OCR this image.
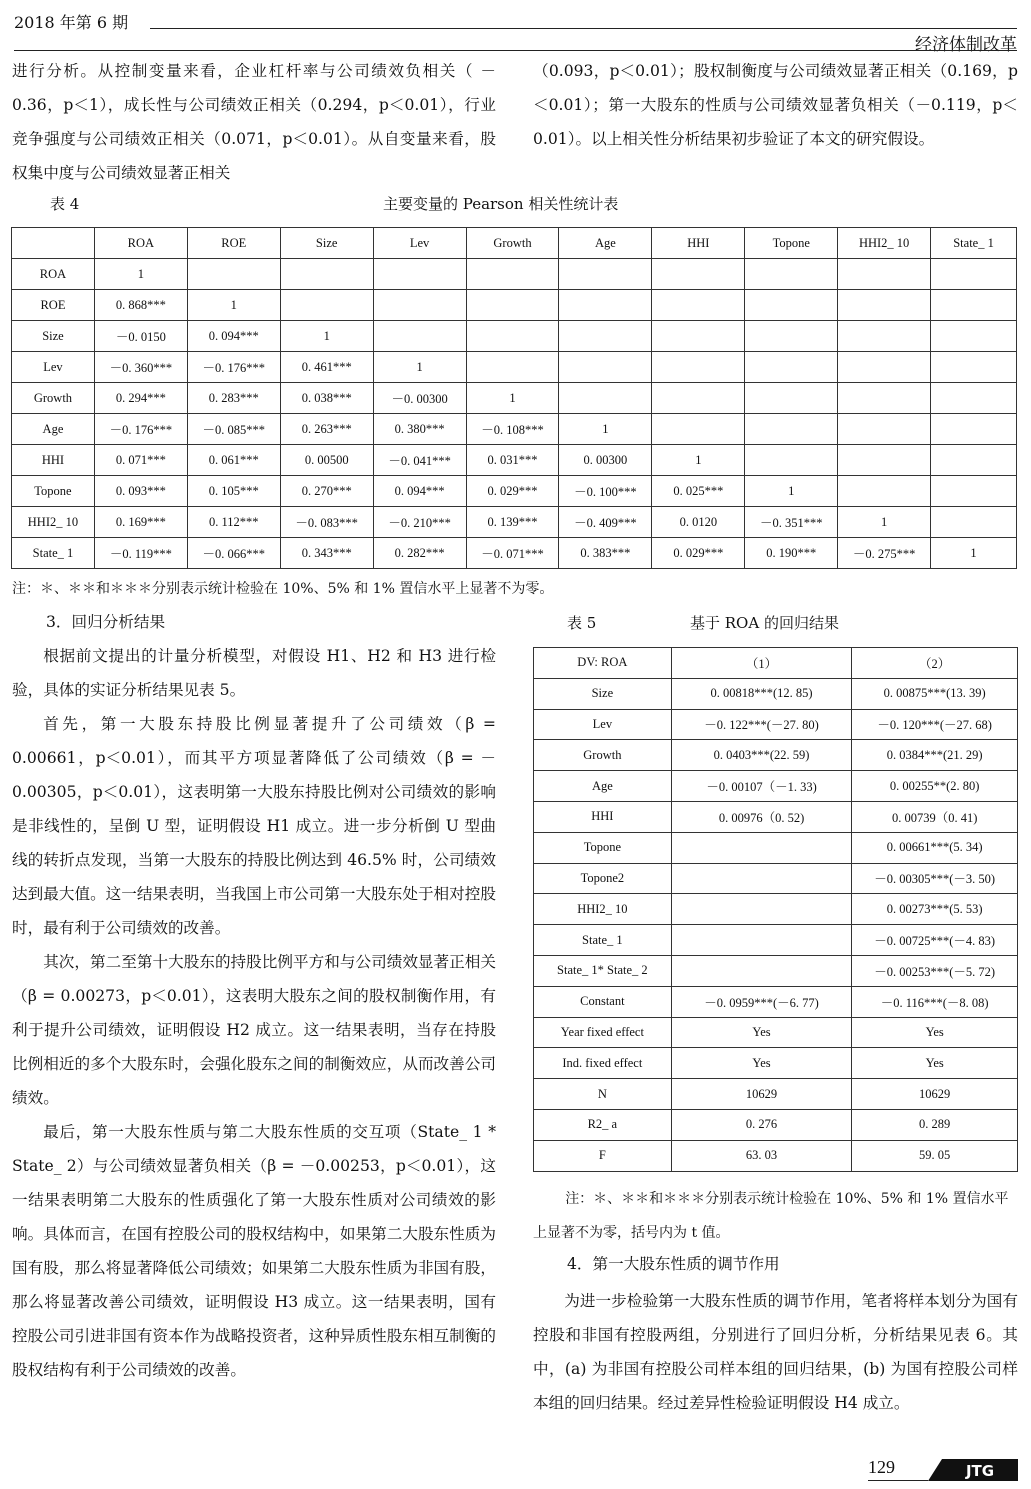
2018 年第 6 期
经济体制改革
进行分析。从控制变量来看，企业杠杆率与公司绩效负相关（ －0.36，p＜1），成长性与公司绩效正相关（0.294，p＜0.01），行业竞争强度与公司绩效正相关（0.071，p＜0.01）。从自变量来看，股权集中度与公司绩效显著正相关
（0.093，p＜0.01）；股权制衡度与公司绩效显著正相关（0.169，p＜0.01）；第一大股东的性质与公司绩效显著负相关（－0.119，p＜0.01）。以上相关性分析结果初步验证了本文的研究假设。
表 4	主要变量的 Pearson 相关性统计表
	ROA	ROE	Size	Lev	Growth	Age	HHI	Topone	HHI2_ 10	State_ 1
ROA	1									
ROE	0. 868***	1								
Size	－0. 0150	0. 094***	1							
Lev	－0. 360***	－0. 176***	0. 461***	1						
Growth	0. 294***	0. 283***	0. 038***	－0. 00300	1					
Age	－0. 176***	－0. 085***	0. 263***	0. 380***	－0. 108***	1				
HHI	0. 071***	0. 061***	0. 00500	－0. 041***	0. 031***	0. 00300	1			
Topone	0. 093***	0. 105***	0. 270***	0. 094***	0. 029***	－0. 100***	0. 025***	1		
HHI2_ 10	0. 169***	0. 112***	－0. 083***	－0. 210***	0. 139***	－0. 409***	0. 0120	－0. 351***	1	
State_ 1	－0. 119***	－0. 066***	0. 343***	0. 282***	－0. 071***	0. 383***	0. 029***	0. 190***	－0. 275***	1
注：＊、＊＊和＊＊＊分别表示统计检验在 10%、5% 和 1% 置信水平上显著不为零。
3．回归分析结果

根据前文提出的计量分析模型，对假设 H1、H2 和 H3 进行检验，具体的实证分析结果见表 5。

首先，第一大股东持股比例显著提升了公司绩效（β = 0.00661，p＜0.01），而其平方项显著降低了公司绩效（β = －0.00305，p＜0.01），这表明第一大股东持股比例对公司绩效的影响是非线性的，呈倒 U 型，证明假设 H1 成立。进一步分析倒 U 型曲线的转折点发现，当第一大股东的持股比例达到 46.5% 时，公司绩效达到最大值。这一结果表明，当我国上市公司第一大股东处于相对控股时，最有利于公司绩效的改善。

其次，第二至第十大股东的持股比例平方和与公司绩效显著正相关（β = 0.00273，p＜0.01），这表明大股东之间的股权制衡作用，有利于提升公司绩效，证明假设 H2 成立。这一结果表明，当存在持股比例相近的多个大股东时，会强化股东之间的制衡效应，从而改善公司绩效。

最后，第一大股东性质与第二大股东性质的交互项（State_ 1 * State_ 2）与公司绩效显著负相关（β = －0.00253，p＜0.01），这一结果表明第二大股东的性质强化了第一大股东性质对公司绩效的影响。具体而言，在国有控股公司的股权结构中，如果第二大股东性质为国有股，那么将显著降低公司绩效；如果第二大股东性质为非国有股，那么将显著改善公司绩效，证明假设 H3 成立。这一结果表明，国有控股公司引进非国有资本作为战略投资者，这种异质性股东相互制衡的股权结构有利于公司绩效的改善。

表 5	基于 ROA 的回归结果
DV: ROA	（1）	（2）
Size	0. 00818***(12. 85)	0. 00875***(13. 39)
Lev	－0. 122***(－27. 80)	－0. 120***(－27. 68)
Growth	0. 0403***(22. 59)	0. 0384***(21. 29)
Age	－0. 00107（－1. 33)	0. 00255**(2. 80)
HHI	0. 00976（0. 52)	0. 00739（0. 41)
Topone		0. 00661***(5. 34)
Topone2		－0. 00305***(－3. 50)
HHI2_ 10		0. 00273***(5. 53)
State_ 1		－0. 00725***(－4. 83)
State_ 1* State_ 2		－0. 00253***(－5. 72)
Constant	－0. 0959***(－6. 77)	－0. 116***(－8. 08)
Year fixed effect	Yes	Yes
Ind. fixed effect	Yes	Yes
N	10629	10629
R2_ a	0. 276	0. 289
F	63. 03	59. 05
注：＊、＊＊和＊＊＊分别表示统计检验在 10%、5% 和 1% 置信水平上显著不为零，括号内为 t 值。
4．第一大股东性质的调节作用
为进一步检验第一大股东性质的调节作用，笔者将样本划分为国有控股和非国有控股两组，分别进行了回归分析，分析结果见表 6。其中，(a) 为非国有控股公司样本组的回归结果，(b) 为国有控股公司样本组的回归结果。经过差异性检验证明假设 H4 成立。
129	JTG
